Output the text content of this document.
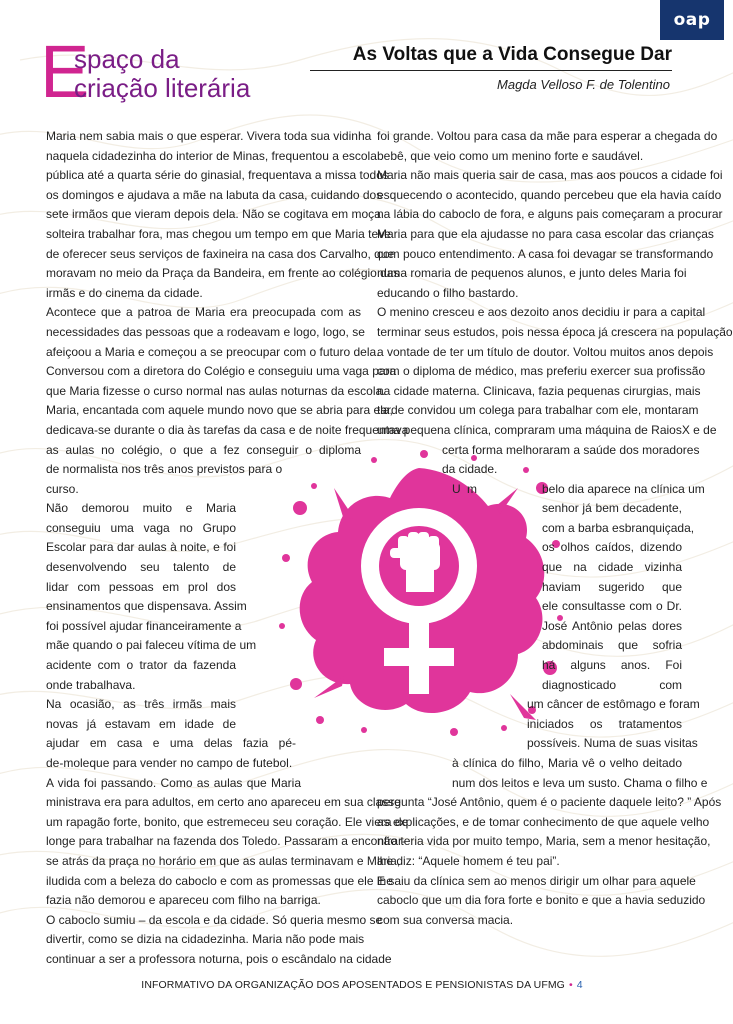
oap
E
spaço da
criação literária
As Voltas que a Vida Consegue Dar
Magda Velloso F. de Tolentino

Maria nem sabia mais o que esperar. Vivera toda sua vidinha
naquela cidadezinha do interior de Minas, frequentou a escola
pública até a quarta série do ginasial, frequentava a missa todos
os domingos e ajudava a mãe na labuta da casa, cuidando dos
sete irmãos que vieram depois dela. Não se cogitava em moça
solteira trabalhar fora, mas chegou um tempo em que Maria teve
de oferecer seus serviços de faxineira na casa dos Carvalho, que
moravam no meio da Praça da Bandeira, em frente ao colégio das
irmãs e do cinema da cidade.

Acontece que a patroa de Maria era preocupada com as
necessidades das pessoas que a rodeavam e logo, logo, se
afeiçoou a Maria e começou a se preocupar com o futuro dela.
Conversou com a diretora do Colégio e conseguiu uma vaga para
que Maria fizesse o curso normal nas aulas noturnas da escola.
Maria, encantada com aquele mundo novo que se abria para ela,
dedicava-se durante o dia às tarefas da casa e de noite frequentava
as aulas no colégio, o que a fez conseguir o diploma
de normalista nos três anos previstos para o
curso.

Não demorou muito e Maria
conseguiu uma vaga no Grupo
Escolar para dar aulas à noite, e foi
desenvolvendo seu talento de
lidar com pessoas em prol dos
ensinamentos que dispensava. Assim
foi possível ajudar financeiramente a
mãe quando o pai faleceu vítima de um
acidente com o trator da fazenda
onde trabalhava.

Na ocasião, as três irmãs mais
novas já estavam em idade de
ajudar em casa e uma delas fazia pé-
de-moleque para vender no campo de futebol.

A vida foi passando. Como as aulas que Maria
ministrava era para adultos, em certo ano apareceu em sua classe
um rapagão forte, bonito, que estremeceu seu coração. Ele viera de
longe para trabalhar na fazenda dos Toledo. Passaram a encontrar-
se atrás da praça no horário em que as aulas terminavam e Maria,
iludida com a beleza do caboclo e com as promessas que ele lhe
fazia não demorou e apareceu com filho na barriga.

O caboclo sumiu – da escola e da cidade. Só queria mesmo se
divertir, como se dizia na cidadezinha. Maria não pode mais
continuar a ser a professora noturna, pois o escândalo na cidade

foi grande. Voltou para casa da mãe para esperar a chegada do
bebê, que veio como um menino forte e saudável.

Maria não mais queria sair de casa, mas aos poucos a cidade foi
esquecendo o acontecido, quando percebeu que ela havia caído
na lábia do caboclo de fora, e alguns pais começaram a procurar
Maria para que ela ajudasse no para casa escolar das crianças
com pouco entendimento. A casa foi devagar se transformando
numa romaria de pequenos alunos, e junto deles Maria foi
educando o filho bastardo.

O menino cresceu e aos dezoito anos decidiu ir para a capital
terminar seus estudos, pois nessa época já crescera na população
a vontade de ter um título de doutor. Voltou muitos anos depois
com o diploma de médico, mas preferiu exercer sua profissão
na cidade materna. Clinicava, fazia pequenas cirurgias, mais
tarde convidou um colega para trabalhar com ele, montaram
uma pequena clínica, compraram uma máquina de RaiosX e de
certa forma melhoraram a saúde dos moradores
da cidade.

U m	belo dia aparece na clínica um
senhor já bem decadente,
com a barba esbranquiçada,
os olhos caídos, dizendo
que na cidade vizinha
haviam sugerido que
ele consultasse com o Dr.
José Antônio pelas dores
abdominais que sofria
há alguns anos. Foi
diagnosticado com
um câncer de estômago e foram
iniciados os tratamentos
possíveis. Numa de suas visitas
à clínica do filho, Maria vê o velho deitado
num dos leitos e leva um susto. Chama o filho e
pergunta “José Antônio, quem é o paciente daquele leito? ” Após
as explicações, e de tomar conhecimento de que aquele velho
não teria vida por muito tempo, Maria, sem a menor hesitação,
lhe diz: “Aquele homem é teu pai”.

E saiu da clínica sem ao menos dirigir um olhar para aquele
caboclo que um dia fora forte e bonito e que a havia seduzido
com sua conversa macia.

INFORMATIVO DA ORGANIZAÇÃO DOS APOSENTADOS E PENSIONISTAS DA UFMG • 4
